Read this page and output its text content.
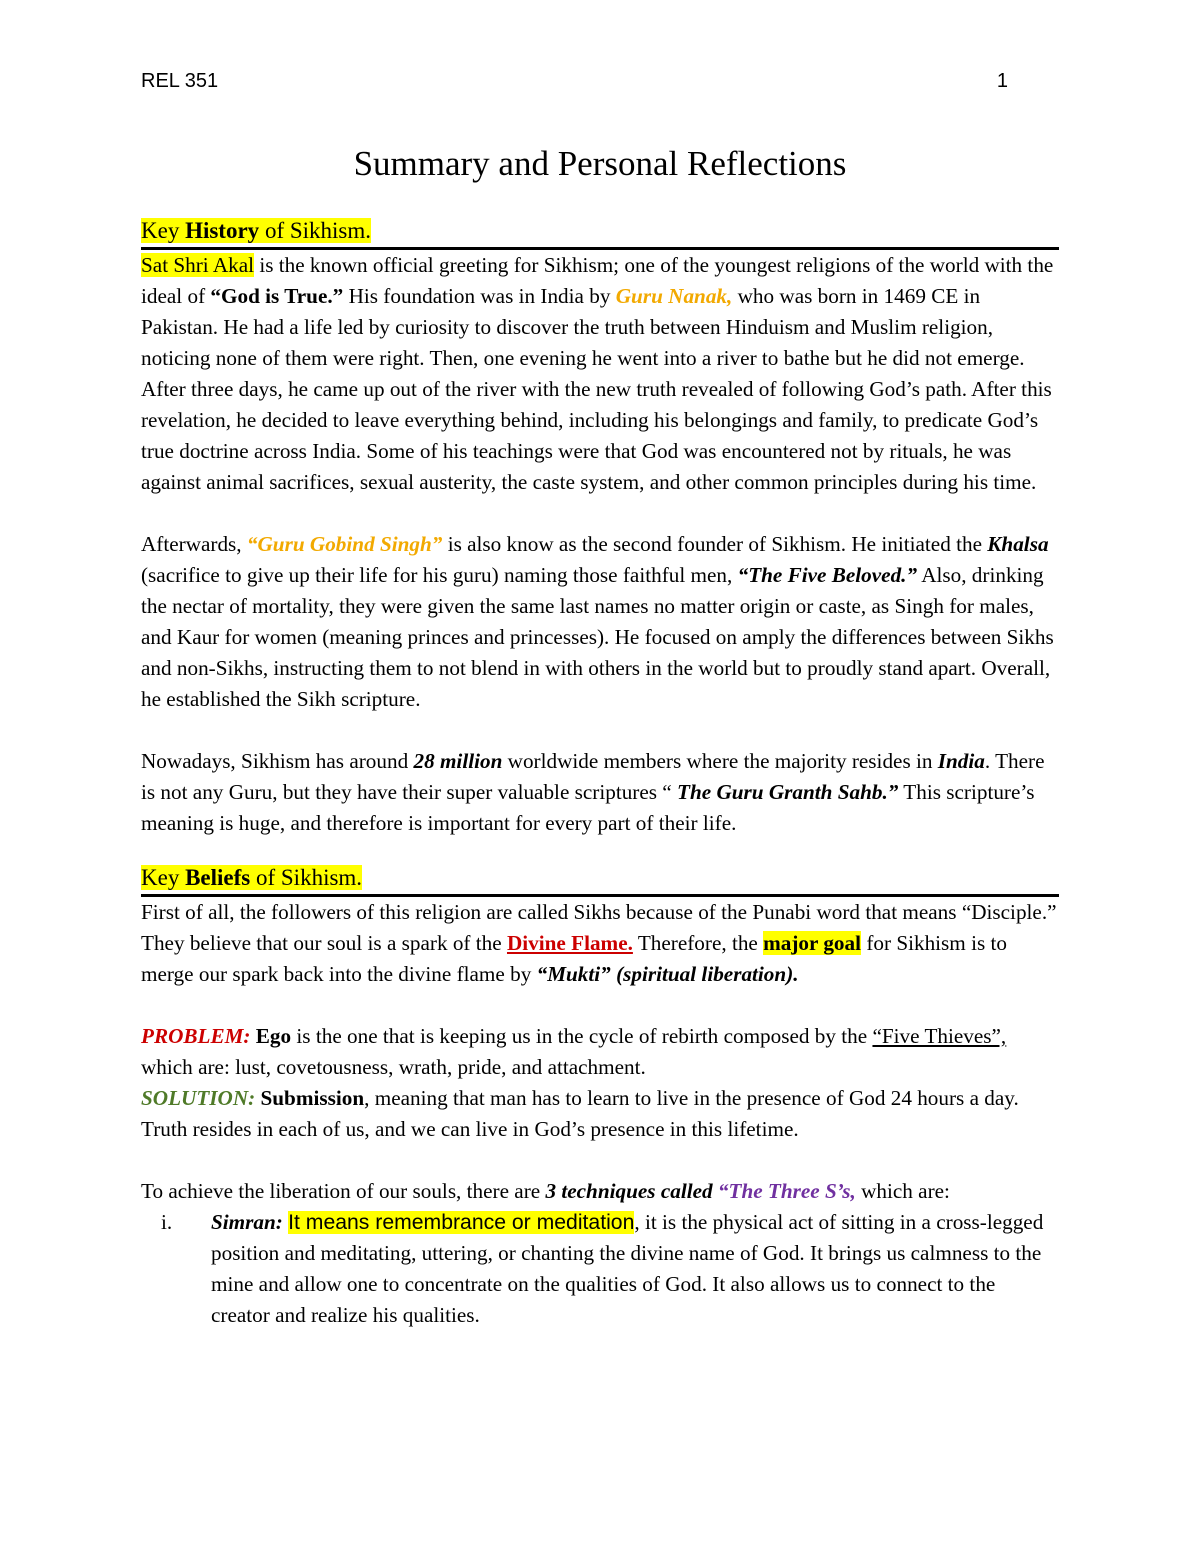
REL 351	1
Summary and Personal Reflections
Key History of Sikhism.

Sat Shri Akal is the known official greeting for Sikhism; one of the youngest religions of the world with the ideal of “God is True.” His foundation was in India by Guru Nanak, who was born in 1469 CE in Pakistan. He had a life led by curiosity to discover the truth between Hinduism and Muslim religion, noticing none of them were right. Then, one evening he went into a river to bathe but he did not emerge. After three days, he came up out of the river with the new truth revealed of following God’s path. After this revelation, he decided to leave everything behind, including his belongings and family, to predicate God’s true doctrine across India. Some of his teachings were that God was encountered not by rituals, he was against animal sacrifices, sexual austerity, the caste system, and other common principles during his time.

Afterwards, “Guru Gobind Singh” is also know as the second founder of Sikhism. He initiated the Khalsa (sacrifice to give up their life for his guru) naming those faithful men, “The Five Beloved.” Also, drinking the nectar of mortality, they were given the same last names no matter origin or caste, as Singh for males, and Kaur for women (meaning princes and princesses). He focused on amply the differences between Sikhs and non-Sikhs, instructing them to not blend in with others in the world but to proudly stand apart. Overall, he established the Sikh scripture.

Nowadays, Sikhism has around 28 million worldwide members where the majority resides in India. There is not any Guru, but they have their super valuable scriptures “ The Guru Granth Sahb.” This scripture’s meaning is huge, and therefore is important for every part of their life.

Key Beliefs of Sikhism.

First of all, the followers of this religion are called Sikhs because of the Punabi word that means “Disciple.” They believe that our soul is a spark of the Divine Flame. Therefore, the major goal for Sikhism is to merge our spark back into the divine flame by “Mukti” (spiritual liberation).

PROBLEM: Ego is the one that is keeping us in the cycle of rebirth composed by the “Five Thieves”, which are: lust, covetousness, wrath, pride, and attachment.

SOLUTION: Submission, meaning that man has to learn to live in the presence of God 24 hours a day. Truth resides in each of us, and we can live in God’s presence in this lifetime.

To achieve the liberation of our souls, there are 3 techniques called “The Three S’s, which are:

i.	Simran: It means remembrance or meditation, it is the physical act of sitting in a cross-legged position and meditating, uttering, or chanting the divine name of God. It brings us calmness to the mine and allow one to concentrate on the qualities of God. It also allows us to connect to the creator and realize his qualities.
